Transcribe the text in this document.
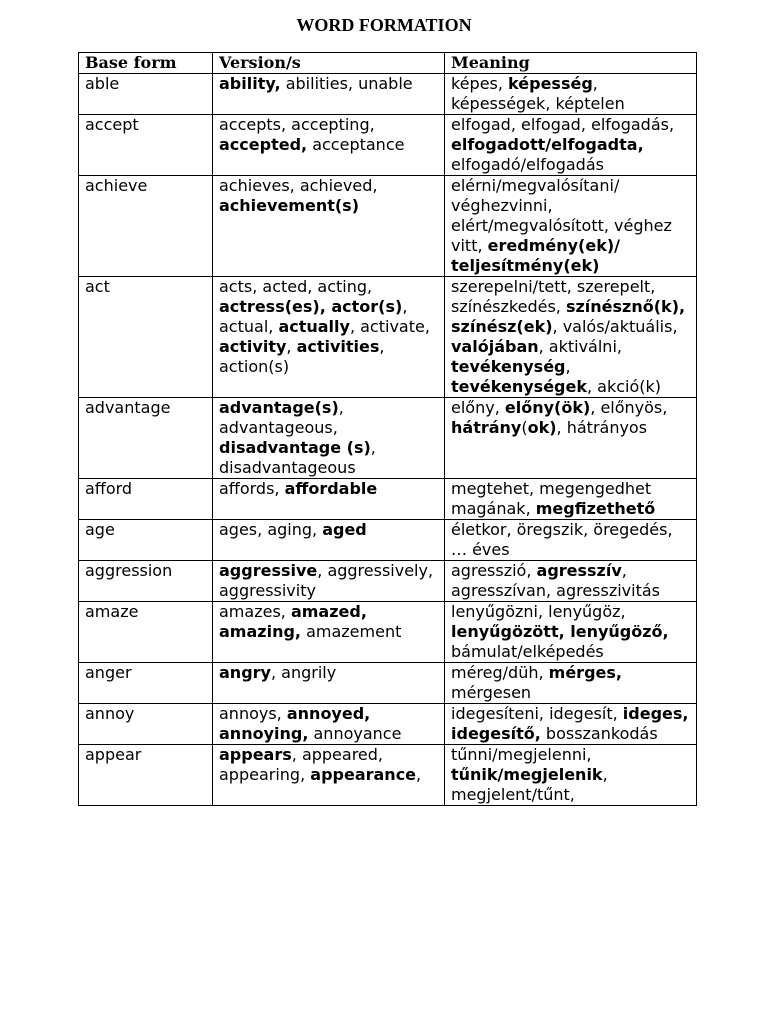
WORD FORMATION
Base form	Version/s	Meaning
able	ability, abilities, unable	képes, képesség, képességek, képtelen
accept	accepts, accepting, accepted, acceptance	elfogad, elfogad, elfogadás, elfogadott/elfogadta, elfogadó/elfogadás
achieve	achieves, achieved, achievement(s)	elérni/megvalósítani/ véghezvinni, elért/megvalósított, véghez vitt, eredmény(ek)/ teljesítmény(ek)
act	acts, acted, acting, actress(es), actor(s), actual, actually, activate, activity, activities, action(s)	szerepelni/tett, szerepelt, színészkedés, színésznő(k), színész(ek), valós/aktuális, valójában, aktiválni, tevékenység, tevékenységek, akció(k)
advantage	advantage(s), advantageous, disadvantage (s), disadvantageous	előny, előny(ök), előnyös, hátrány(ok), hátrányos
afford	affords, affordable	megtehet, megengedhet magának, megfizethető
age	ages, aging, aged	életkor, öregszik, öregedés, … éves
aggression	aggressive, aggressively, aggressivity	agresszió, agresszív, agresszívan, agresszivitás
amaze	amazes, amazed, amazing, amazement	lenyűgözni, lenyűgöz, lenyűgözött, lenyűgöző, bámulat/elképedés
anger	angry, angrily	méreg/düh, mérges, mérgesen
annoy	annoys, annoyed, annoying, annoyance	idegesíteni, idegesít, ideges, idegesítő, bosszankodás
appear	appears, appeared, appearing, appearance,	tűnni/megjelenni, tűnik/megjelenik, megjelent/tűnt,
